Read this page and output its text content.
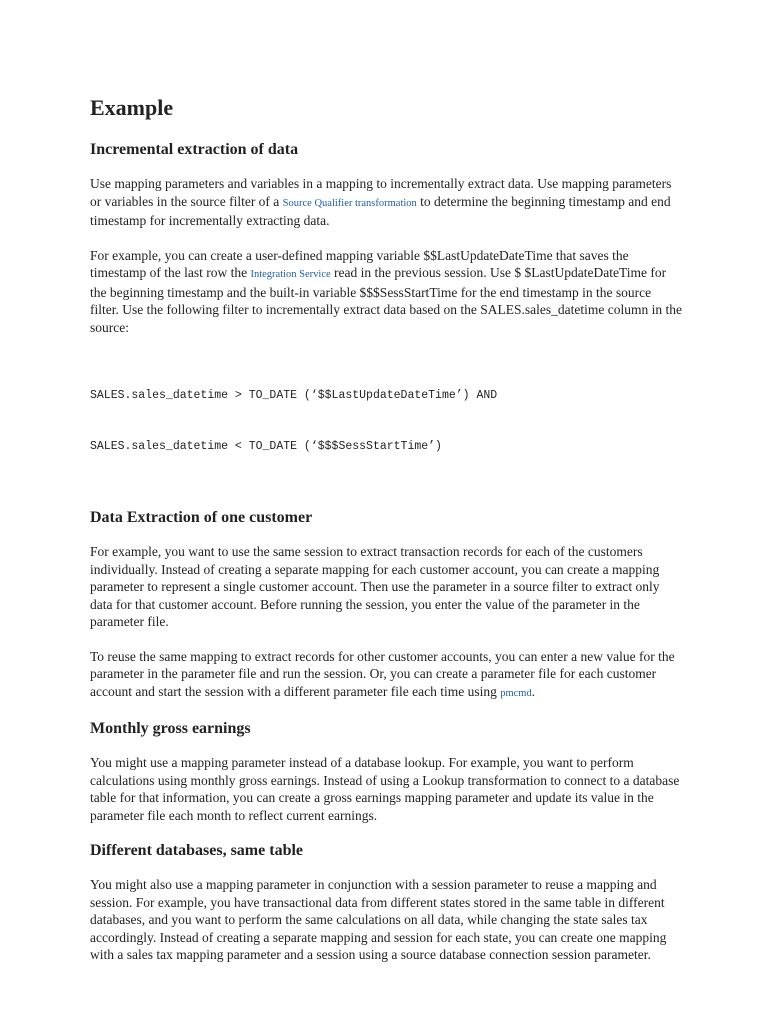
Example
Incremental extraction of data

Use mapping parameters and variables in a mapping to incrementally extract data. Use mapping parameters or variables in the source filter of a Source Qualifier transformation to determine the beginning timestamp and end timestamp for incrementally extracting data.

For example, you can create a user-defined mapping variable $$LastUpdateDateTime that saves the timestamp of the last row the Integration Service read in the previous session. Use $ $LastUpdateDateTime for the beginning timestamp and the built-in variable $$$SessStartTime for the end timestamp in the source filter. Use the following filter to incrementally extract data based on the SALES.sales_datetime column in the source:

SALES.sales_datetime > TO_DATE (‘$$LastUpdateDateTime’) AND

SALES.sales_datetime < TO_DATE (‘$$$SessStartTime’)

Data Extraction of one customer

For example, you want to use the same session to extract transaction records for each of the customers individually. Instead of creating a separate mapping for each customer account, you can create a mapping parameter to represent a single customer account. Then use the parameter in a source filter to extract only data for that customer account. Before running the session, you enter the value of the parameter in the parameter file.

To reuse the same mapping to extract records for other customer accounts, you can enter a new value for the parameter in the parameter file and run the session. Or, you can create a parameter file for each customer account and start the session with a different parameter file each time using pmcmd.

Monthly gross earnings

You might use a mapping parameter instead of a database lookup. For example, you want to perform calculations using monthly gross earnings. Instead of using a Lookup transformation to connect to a database table for that information, you can create a gross earnings mapping parameter and update its value in the parameter file each month to reflect current earnings.

Different databases, same table

You might also use a mapping parameter in conjunction with a session parameter to reuse a mapping and session. For example, you have transactional data from different states stored in the same table in different databases, and you want to perform the same calculations on all data, while changing the state sales tax accordingly. Instead of creating a separate mapping and session for each state, you can create one mapping with a sales tax mapping parameter and a session using a source database connection session parameter.
